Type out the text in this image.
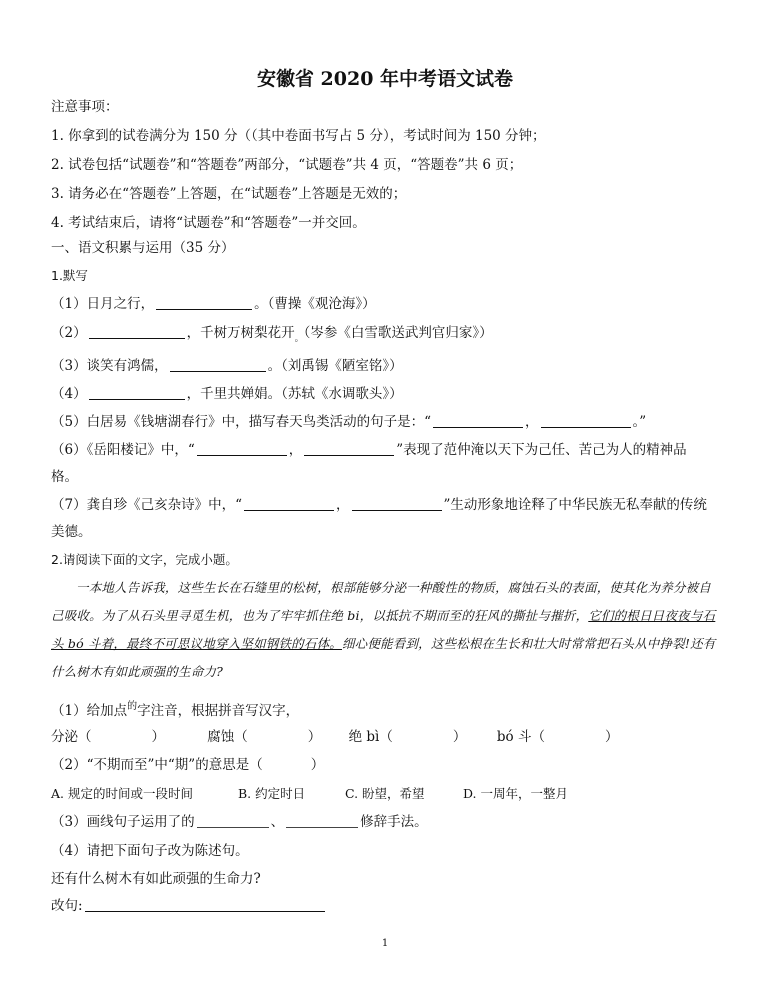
安徽省 2020 年中考语文试卷
注意事项：
1. 你拿到的试卷满分为 150 分（（其中卷面书写占 5 分），考试时间为 150 分钟；
2. 试卷包括“试题卷”和“答题卷”两部分，“试题卷”共 4 页，“答题卷”共 6 页；
3. 请务必在“答题卷”上答题，在“试题卷”上答题是无效的；
4. 考试结束后，请将“试题卷”和“答题卷”一并交回。
一、语文积累与运用（35 分）
1.默写
（1）日月之行，	。（曹操《观沧海》）
（2）	，千树万树梨花开$_。$（岑参《白雪歌送武判官归家》）
（3）谈笑有鸿儒，	。（刘禹锡《陋室铭》）
（4）	，千里共婵娟。（苏轼《水调歌头》）
（5）白居易《钱塘湖春行》中，描写春天鸟类活动的句子是：“	，	。”
（6）《岳阳楼记》中，“	，	”表现了范仲淹以天下为己任、苦己为人的精神品
格。
（7）龚自珍《己亥杂诗》中，“	，	”生动形象地诠释了中华民族无私奉献的传统
美德。
2.请阅读下面的文字，完成小题。
一本地人告诉我，这些生长在石缝里的松树，根部能够分泌一种酸性的物质，腐蚀石头的表面，使其化为养分被自己吸收。为了从石头里寻觅生机，也为了牢牢抓住绝 bi，以抵抗不期而至的狂风的撕扯与摧折，它们的根日日夜夜与石头 bó 斗着，最终不可思议地穿入坚如钢铁的石体。细心便能看到，这些松根在生长和壮大时常常把石头从中挣裂!还有什么树木有如此顽强的生命力?
（1）给加点$^的$字注音，根据拼音写汉字，
分泌（	）	腐蚀（	） 绝 bì（	） bó 斗（	）
（2）“不期而至”中“期”的意思是（	）
A. 规定的时间或一段时间	B. 约定时日	C. 盼望，希望	D. 一周年，一整月
（3）画线句子运用了的	、	修辞手法。
（4）请把下面句子改为陈述句。
还有什么树木有如此顽强的生命力?
改句:
1
